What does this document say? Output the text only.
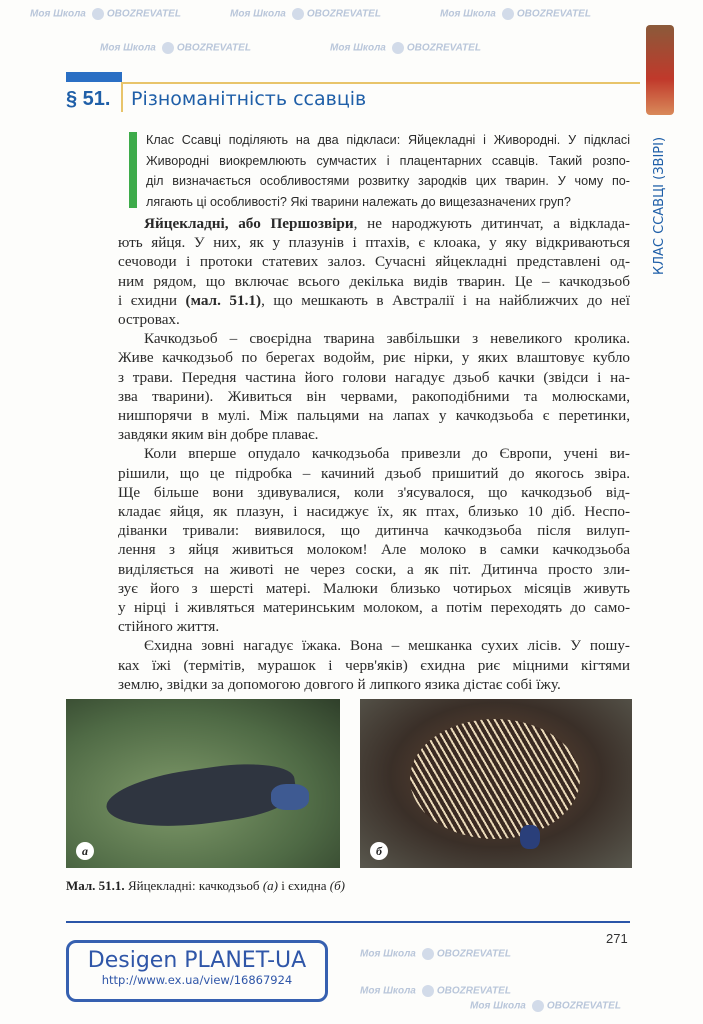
Моя Школа OBOZREVATEL	Моя Школа OBOZREVATEL	Моя Школа OBOZREVATEL
Моя Школа OBOZREVATEL	Моя Школа OBOZREVATEL
Моя Школа OBOZREVATEL
Моя Школа OBOZREVATEL
Моя Школа OBOZREVATEL
КЛАС ССАВЦІ (ЗВІРІ)
§ 51. Різноманітність ссавців
Клас Ссавці поділяють на два підкласи: Яйцекладні і Живородні. У підкласі
Живородні виокремлюють сумчастих і плацентарних ссавців. Такий розпо-
діл визначається особливостями розвитку зародків цих тварин. У чому по-
лягають ці особливості? Які тварини належать до вищезазначених груп?
Яйцекладні, або Першозвіри, не народжують дитинчат, а відклада-
ють яйця. У них, як у плазунів і птахів, є клоака, у яку відкриваються
сечоводи і протоки статевих залоз. Сучасні яйцекладні представлені од-
ним рядом, що включає всього декілька видів тварин. Це – качкодзьоб
і єхидни (мал. 51.1), що мешкають в Австралії і на найближчих до неї
островах.
Качкодзьоб – своєрідна тварина завбільшки з невеликого кролика.
Живе качкодзьоб по берегах водойм, риє нірки, у яких влаштовує кубло
з трави. Передня частина його голови нагадує дзьоб качки (звідси і на-
зва тварини). Живиться він червами, ракоподібними та молюсками,
нишпорячи в мулі. Між пальцями на лапах у качкодзьоба є перетинки,
завдяки яким він добре плаває.
Коли вперше опудало качкодзьоба привезли до Європи, учені ви-
рішили, що це підробка – качиний дзьоб пришитий до якогось звіра.
Ще більше вони здивувалися, коли з'ясувалося, що качкодзьоб від-
кладає яйця, як плазун, і насиджує їх, як птах, близько 10 діб. Неспо-
діванки тривали: виявилося, що дитинча качкодзьоба після вилуп-
лення з яйця живиться молоком! Але молоко в самки качкодзьоба
виділяється на животі не через соски, а як піт. Дитинча просто зли-
зує його з шерсті матері. Малюки близько чотирьох місяців живуть
у нірці і живляться материнським молоком, а потім переходять до само-
стійного життя.
Єхидна зовні нагадує їжака. Вона – мешканка сухих лісів. У пошу-
ках їжі (термітів, мурашок і черв'яків) єхидна риє міцними кігтями
землю, звідки за допомогою довгого й липкого язика дістає собі їжу.
а	б
Мал. 51.1. Яйцекладні: качкодзьоб (а) і єхидна (б)
271
Desigen PLANET-UA
http://www.ex.ua/view/16867924
